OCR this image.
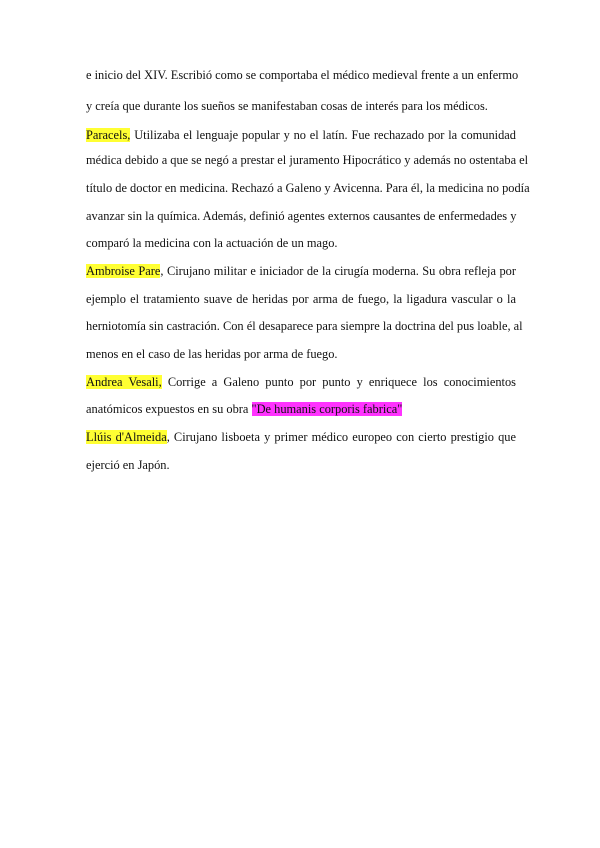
e inicio del XIV. Escribió como se comportaba el médico medieval frente a un enfermo
y creía que durante los sueños se manifestaban cosas de interés para los médicos.
Paracels, Utilizaba el lenguaje popular y no el latín. Fue rechazado por la comunidad
médica debido a que se negó a prestar el juramento Hipocrático y además no ostentaba el
título de doctor en medicina. Rechazó a Galeno y Avicenna. Para él, la medicina no podía
avanzar sin la química. Además, definió agentes externos causantes de enfermedades y
comparó la medicina con la actuación de un mago.
Ambroise Pare, Cirujano militar e iniciador de la cirugía moderna. Su obra refleja por
ejemplo el tratamiento suave de heridas por arma de fuego, la ligadura vascular o la
herniotomía sin castración. Con él desaparece para siempre la doctrina del pus loable, al
menos en el caso de las heridas por arma de fuego.
Andrea Vesali, Corrige a Galeno punto por punto y enriquece los conocimientos
anatómicos expuestos en su obra "De humanis corporis fabrica"
Llúis d'Almeida, Cirujano lisboeta y primer médico europeo con cierto prestigio que
ejerció en Japón.
